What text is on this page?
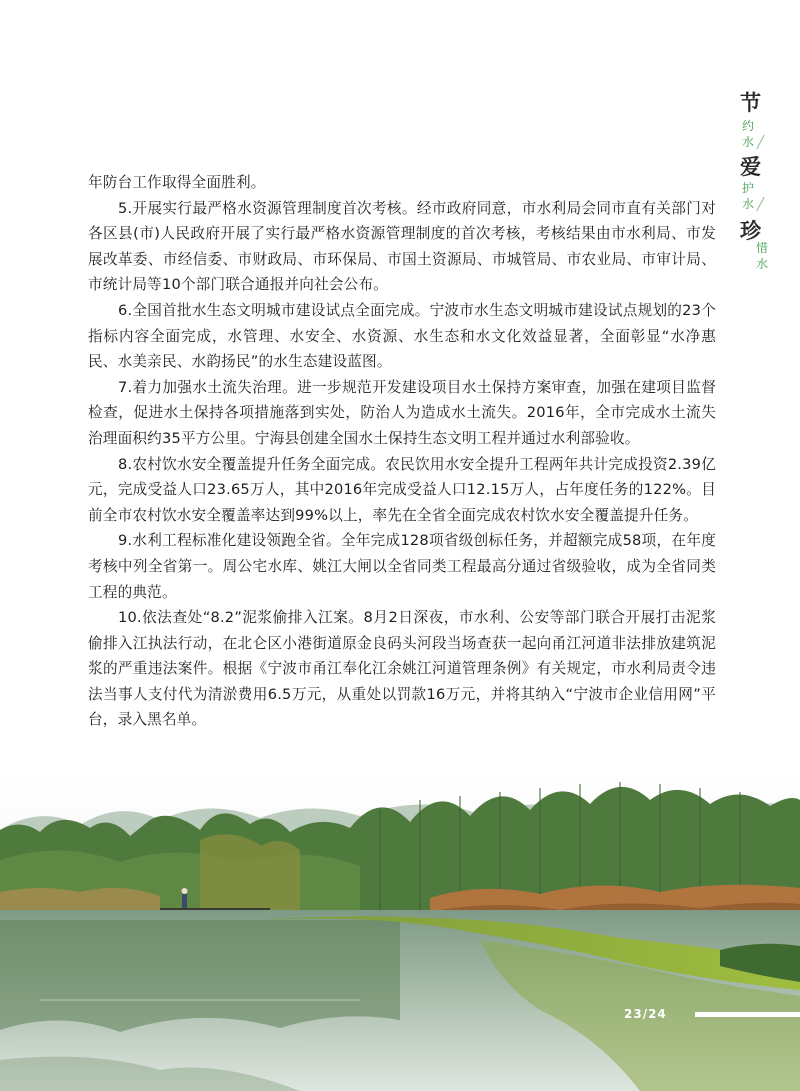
节
约
水
爱
护
水
珍
惜
水

年防台工作取得全面胜利。

5.开展实行最严格水资源管理制度首次考核。经市政府同意，市水利局会同市直有关部门对各区县(市)人民政府开展了实行最严格水资源管理制度的首次考核，考核结果由市水利局、市发展改革委、市经信委、市财政局、市环保局、市国土资源局、市城管局、市农业局、市审计局、市统计局等10个部门联合通报并向社会公布。

6.全国首批水生态文明城市建设试点全面完成。宁波市水生态文明城市建设试点规划的23个指标内容全面完成，水管理、水安全、水资源、水生态和水文化效益显著，全面彰显“水净惠民、水美亲民、水韵扬民”的水生态建设蓝图。

7.着力加强水土流失治理。进一步规范开发建设项目水土保持方案审查，加强在建项目监督检查，促进水土保持各项措施落到实处，防治人为造成水土流失。2016年，全市完成水土流失治理面积约35平方公里。宁海县创建全国水土保持生态文明工程并通过水利部验收。

8.农村饮水安全覆盖提升任务全面完成。农民饮用水安全提升工程两年共计完成投资2.39亿元，完成受益人口23.65万人，其中2016年完成受益人口12.15万人，占年度任务的122%。目前全市农村饮水安全覆盖率达到99%以上，率先在全省全面完成农村饮水安全覆盖提升任务。

9.水利工程标准化建设领跑全省。全年完成128项省级创标任务，并超额完成58项，在年度考核中列全省第一。周公宅水库、姚江大闸以全省同类工程最高分通过省级验收，成为全省同类工程的典范。

10.依法查处“8.2”泥浆偷排入江案。8月2日深夜，市水利、公安等部门联合开展打击泥浆偷排入江执法行动，在北仑区小港街道原金良码头河段当场查获一起向甬江河道非法排放建筑泥浆的严重违法案件。根据《宁波市甬江奉化江余姚江河道管理条例》有关规定，市水利局责令违法当事人支付代为清淤费用6.5万元，从重处以罚款16万元，并将其纳入“宁波市企业信用网”平台，录入黑名单。

23/24
